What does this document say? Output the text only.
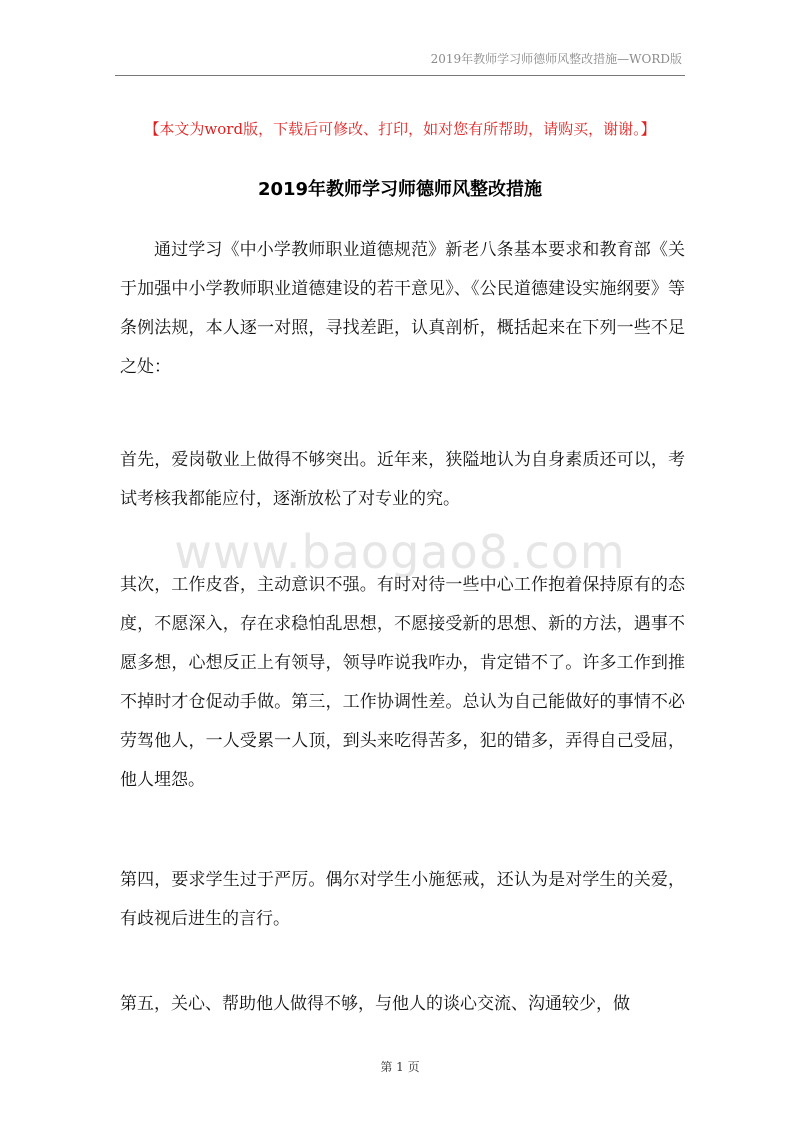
2019年教师学习师德师风整改措施—WORD版
【本文为word版，下载后可修改、打印，如对您有所帮助，请购买，谢谢。】
2019年教师学习师德师风整改措施

通过学习《中小学教师职业道德规范》新老八条基本要求和教育部《关于加强中小学教师职业道德建设的若干意见》、《公民道德建设实施纲要》等条例法规，本人逐一对照，寻找差距，认真剖析，概括起来在下列一些不足之处：

首先，爱岗敬业上做得不够突出。近年来，狭隘地认为自身素质还可以，考试考核我都能应付，逐渐放松了对专业的究。

www.baogao8.com

其次，工作皮沓，主动意识不强。有时对待一些中心工作抱着保持原有的态度，不愿深入，存在求稳怕乱思想，不愿接受新的思想、新的方法，遇事不愿多想，心想反正上有领导，领导咋说我咋办，肯定错不了。许多工作到推不掉时才仓促动手做。第三，工作协调性差。总认为自己能做好的事情不必劳驾他人，一人受累一人顶，到头来吃得苦多，犯的错多，弄得自己受屈，他人埋怨。

第四，要求学生过于严厉。偶尔对学生小施惩戒，还认为是对学生的关爱，有歧视后进生的言行。

第五，关心、帮助他人做得不够，与他人的谈心交流、沟通较少，做

第 1 页
